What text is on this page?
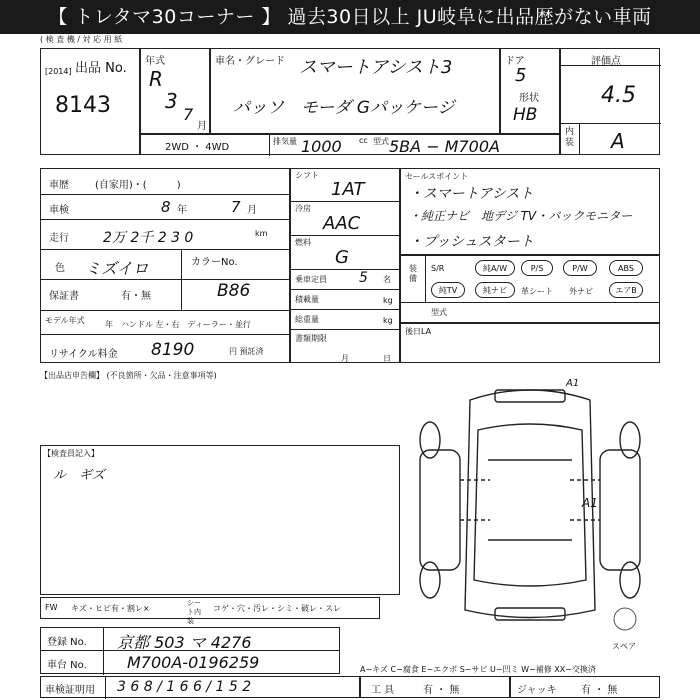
【 トレタマ30コーナー 】 過去30日以上 JU岐阜に出品歴がない車両
( 検 査 機 / 対 応 用 紙
出品 No.
[2014]
8143
年式
R
3
7
月
車名・グレード スマートアシスト3
パッソ　モーダ Gパッケージ
ドア
5
形状
HB
評価点
4.5
内装 A
2WD ・ 4WD
排気量 1000 cc 型式 5BA − M700A
車歴	(自家用)・(　　　)
車検	8 年	7 月
走行 2万 2千 2 3 0	km
色 ミズイロ	カラーNo.
B86
保証書	有・無
モデル年式	年　ハンドル 左・右　ディーラー・並行
リサイクル料金 8190	円 預託済
シフト
1AT
冷房
AAC
燃料
G
乗車定員 5 名
積載量	kg
総重量	kg
書類期限
月	日
セールスポイント
・スマートアシスト
・純正ナビ　地デジ TV・バックモニター
・プッシュスタート
装備
S/R	純A/W	P/S	P/W	ABS
純TV	純ナビ	革シート 外ナビ	エアB
型式
後日LA
【出品店申告欄】 (不良箇所・欠品・注意事項等)
【検査員記入】
ル　ギズ
A1
A1
スペア
FW キズ・ヒビ有・割レ×
シート内装
コゲ・穴・汚レ・シミ・破レ・スレ
登録 No. 京都 503 マ 4276
車台 No.	M700A-0196259	A−キズ C−腐食 E−エクボ S−サビ U−凹ミ W−補修 XX−交換済
車検証明用 3 6 8 / 1 6 6 / 1 5 2	工 具	有 ・ 無	ジャッキ 有 ・ 無
